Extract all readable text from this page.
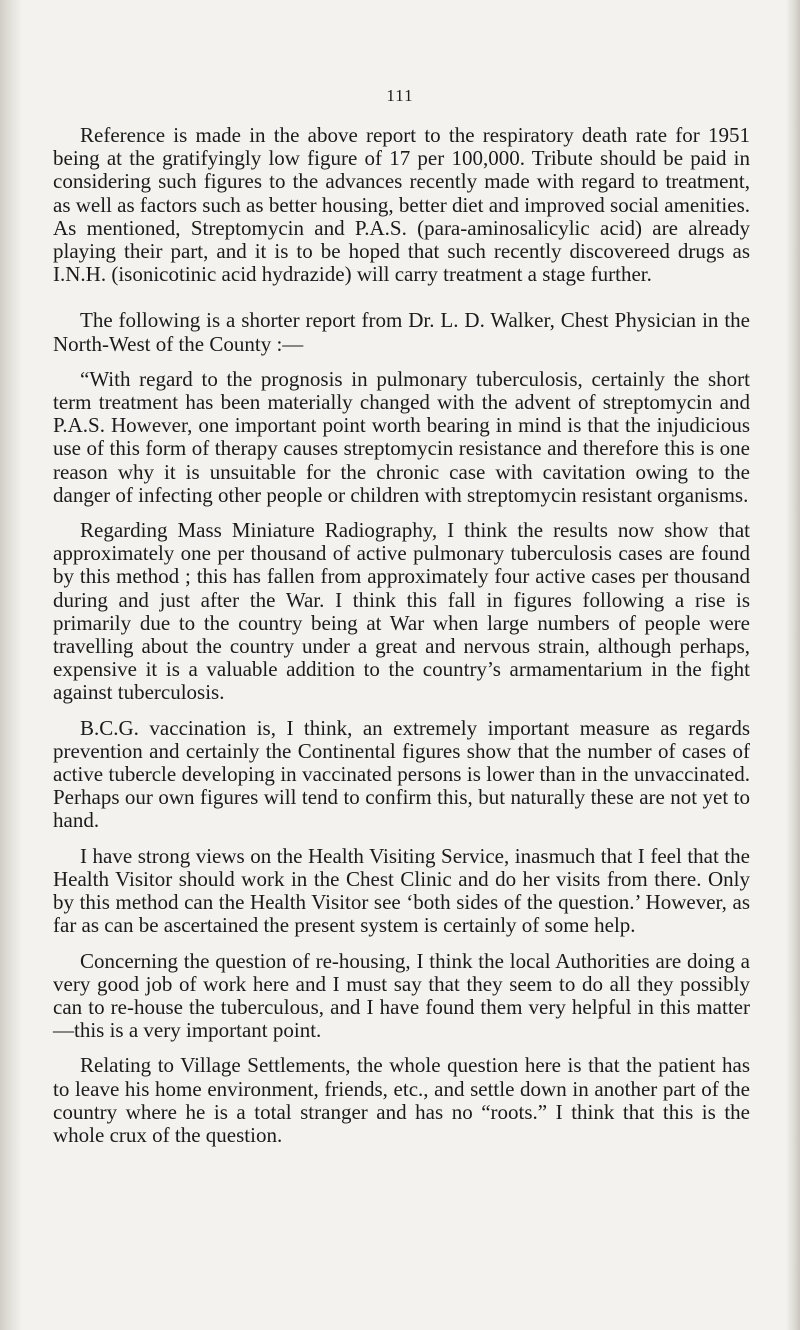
111

Reference is made in the above report to the respiratory death rate for 1951 being at the gratifyingly low figure of 17 per 100,000. Tribute should be paid in considering such figures to the advances recently made with regard to treatment, as well as factors such as better housing, better diet and improved social amenities. As mentioned, Streptomycin and P.A.S. (para-aminosalicylic acid) are already playing their part, and it is to be hoped that such recently discovereed drugs as I.N.H. (isonicotinic acid hydrazide) will carry treatment a stage further.

The following is a shorter report from Dr. L. D. Walker, Chest Physician in the North-West of the County :—

“With regard to the prognosis in pulmonary tuberculosis, certainly the short term treatment has been materially changed with the advent of streptomycin and P.A.S. However, one important point worth bearing in mind is that the injudicious use of this form of therapy causes streptomycin resistance and therefore this is one reason why it is unsuitable for the chronic case with cavitation owing to the danger of infecting other people or children with streptomycin resistant organisms.

Regarding Mass Miniature Radiography, I think the results now show that approximately one per thousand of active pulmonary tuberculosis cases are found by this method ; this has fallen from approximately four active cases per thousand during and just after the War. I think this fall in figures following a rise is primarily due to the country being at War when large numbers of people were travelling about the country under a great and nervous strain, although perhaps, expensive it is a valuable addition to the country’s armamentarium in the fight against tuberculosis.

B.C.G. vaccination is, I think, an extremely important measure as regards prevention and certainly the Continental figures show that the number of cases of active tubercle developing in vaccinated persons is lower than in the unvaccinated. Perhaps our own figures will tend to confirm this, but naturally these are not yet to hand.

I have strong views on the Health Visiting Service, inasmuch that I feel that the Health Visitor should work in the Chest Clinic and do her visits from there. Only by this method can the Health Visitor see ‘both sides of the question.’ However, as far as can be ascertained the present system is certainly of some help.

Concerning the question of re-housing, I think the local Authorities are doing a very good job of work here and I must say that they seem to do all they possibly can to re-house the tuberculous, and I have found them very helpful in this matter—this is a very important point.

Relating to Village Settlements, the whole question here is that the patient has to leave his home environment, friends, etc., and settle down in another part of the country where he is a total stranger and has no “roots.” I think that this is the whole crux of the question.
